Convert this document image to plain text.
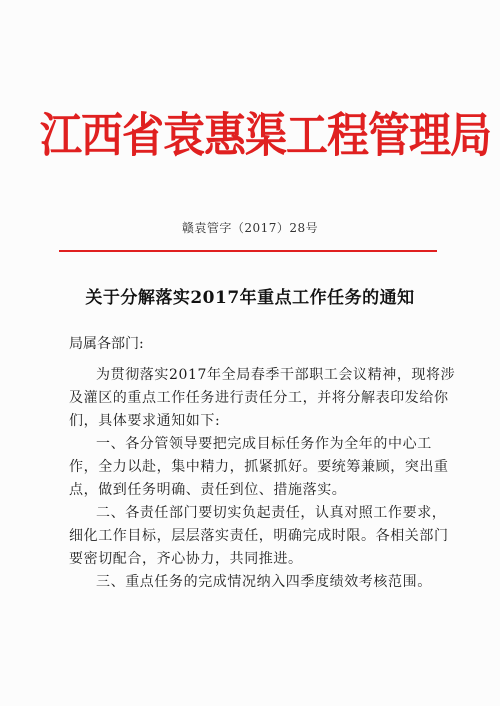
江西省袁惠渠工程管理局
赣袁管字（2017）28号
关于分解落实2017年重点工作任务的通知
局属各部门:
为贯彻落实2017年全局春季干部职工会议精神，现将涉
及灌区的重点工作任务进行责任分工，并将分解表印发给你
们，具体要求通知如下:
一、各分管领导要把完成目标任务作为全年的中心工
作，全力以赴，集中精力，抓紧抓好。要统筹兼顾，突出重
点，做到任务明确、责任到位、措施落实。
二、各责任部门要切实负起责任，认真对照工作要求，
细化工作目标，层层落实责任，明确完成时限。各相关部门
要密切配合，齐心协力，共同推进。
三、重点任务的完成情况纳入四季度绩效考核范围。
